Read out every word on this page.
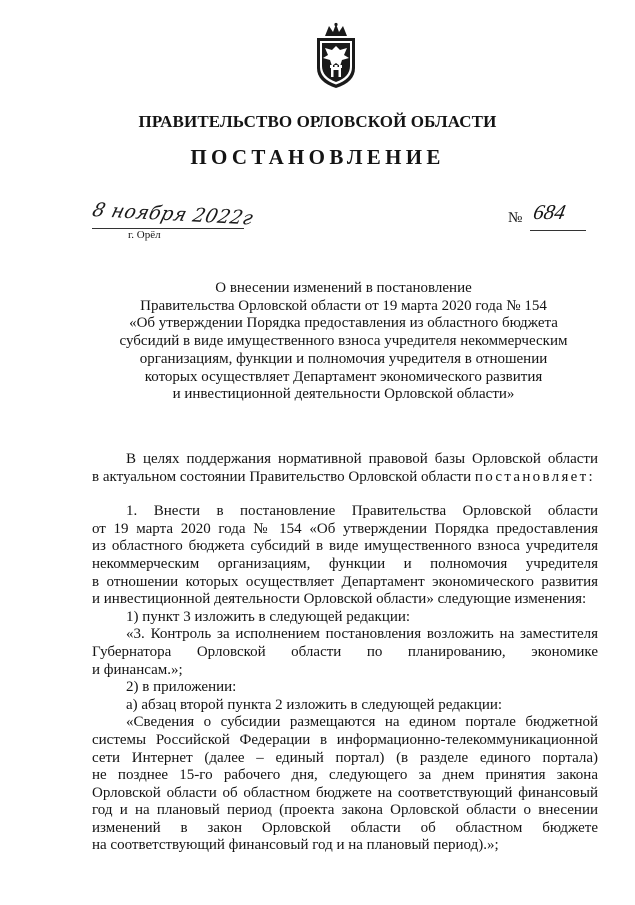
ПРАВИТЕЛЬСТВО ОРЛОВСКОЙ ОБЛАСТИ
ПОСТАНОВЛЕНИЕ
8 ноября 2022г
г. Орёл
№ 684
О внесении изменений в постановление
Правительства Орловской области от 19 марта 2020 года № 154
«Об утверждении Порядка предоставления из областного бюджета
субсидий в виде имущественного взноса учредителя некоммерческим
организациям, функции и полномочия учредителя в отношении
которых осуществляет Департамент экономического развития
и инвестиционной деятельности Орловской области»
В целях поддержания нормативной правовой базы Орловской области
в актуальном состоянии Правительство Орловской области постановляет:
1. Внести в постановление Правительства Орловской области
от 19 марта 2020 года № 154 «Об утверждении Порядка предоставления
из областного бюджета субсидий в виде имущественного взноса учредителя
некоммерческим организациям, функции и полномочия учредителя
в отношении которых осуществляет Департамент экономического развития
и инвестиционной деятельности Орловской области» следующие изменения:
1) пункт 3 изложить в следующей редакции:
«3. Контроль за исполнением постановления возложить на заместителя
Губернатора Орловской области по планированию, экономике
и финансам.»;
2) в приложении:
а) абзац второй пункта 2 изложить в следующей редакции:
«Сведения о субсидии размещаются на едином портале бюджетной
системы Российской Федерации в информационно-телекоммуникационной
сети Интернет (далее – единый портал) (в разделе единого портала)
не позднее 15-го рабочего дня, следующего за днем принятия закона
Орловской области об областном бюджете на соответствующий финансовый
год и на плановый период (проекта закона Орловской области о внесении
изменений в закон Орловской области об областном бюджете
на соответствующий финансовый год и на плановый период).»;
